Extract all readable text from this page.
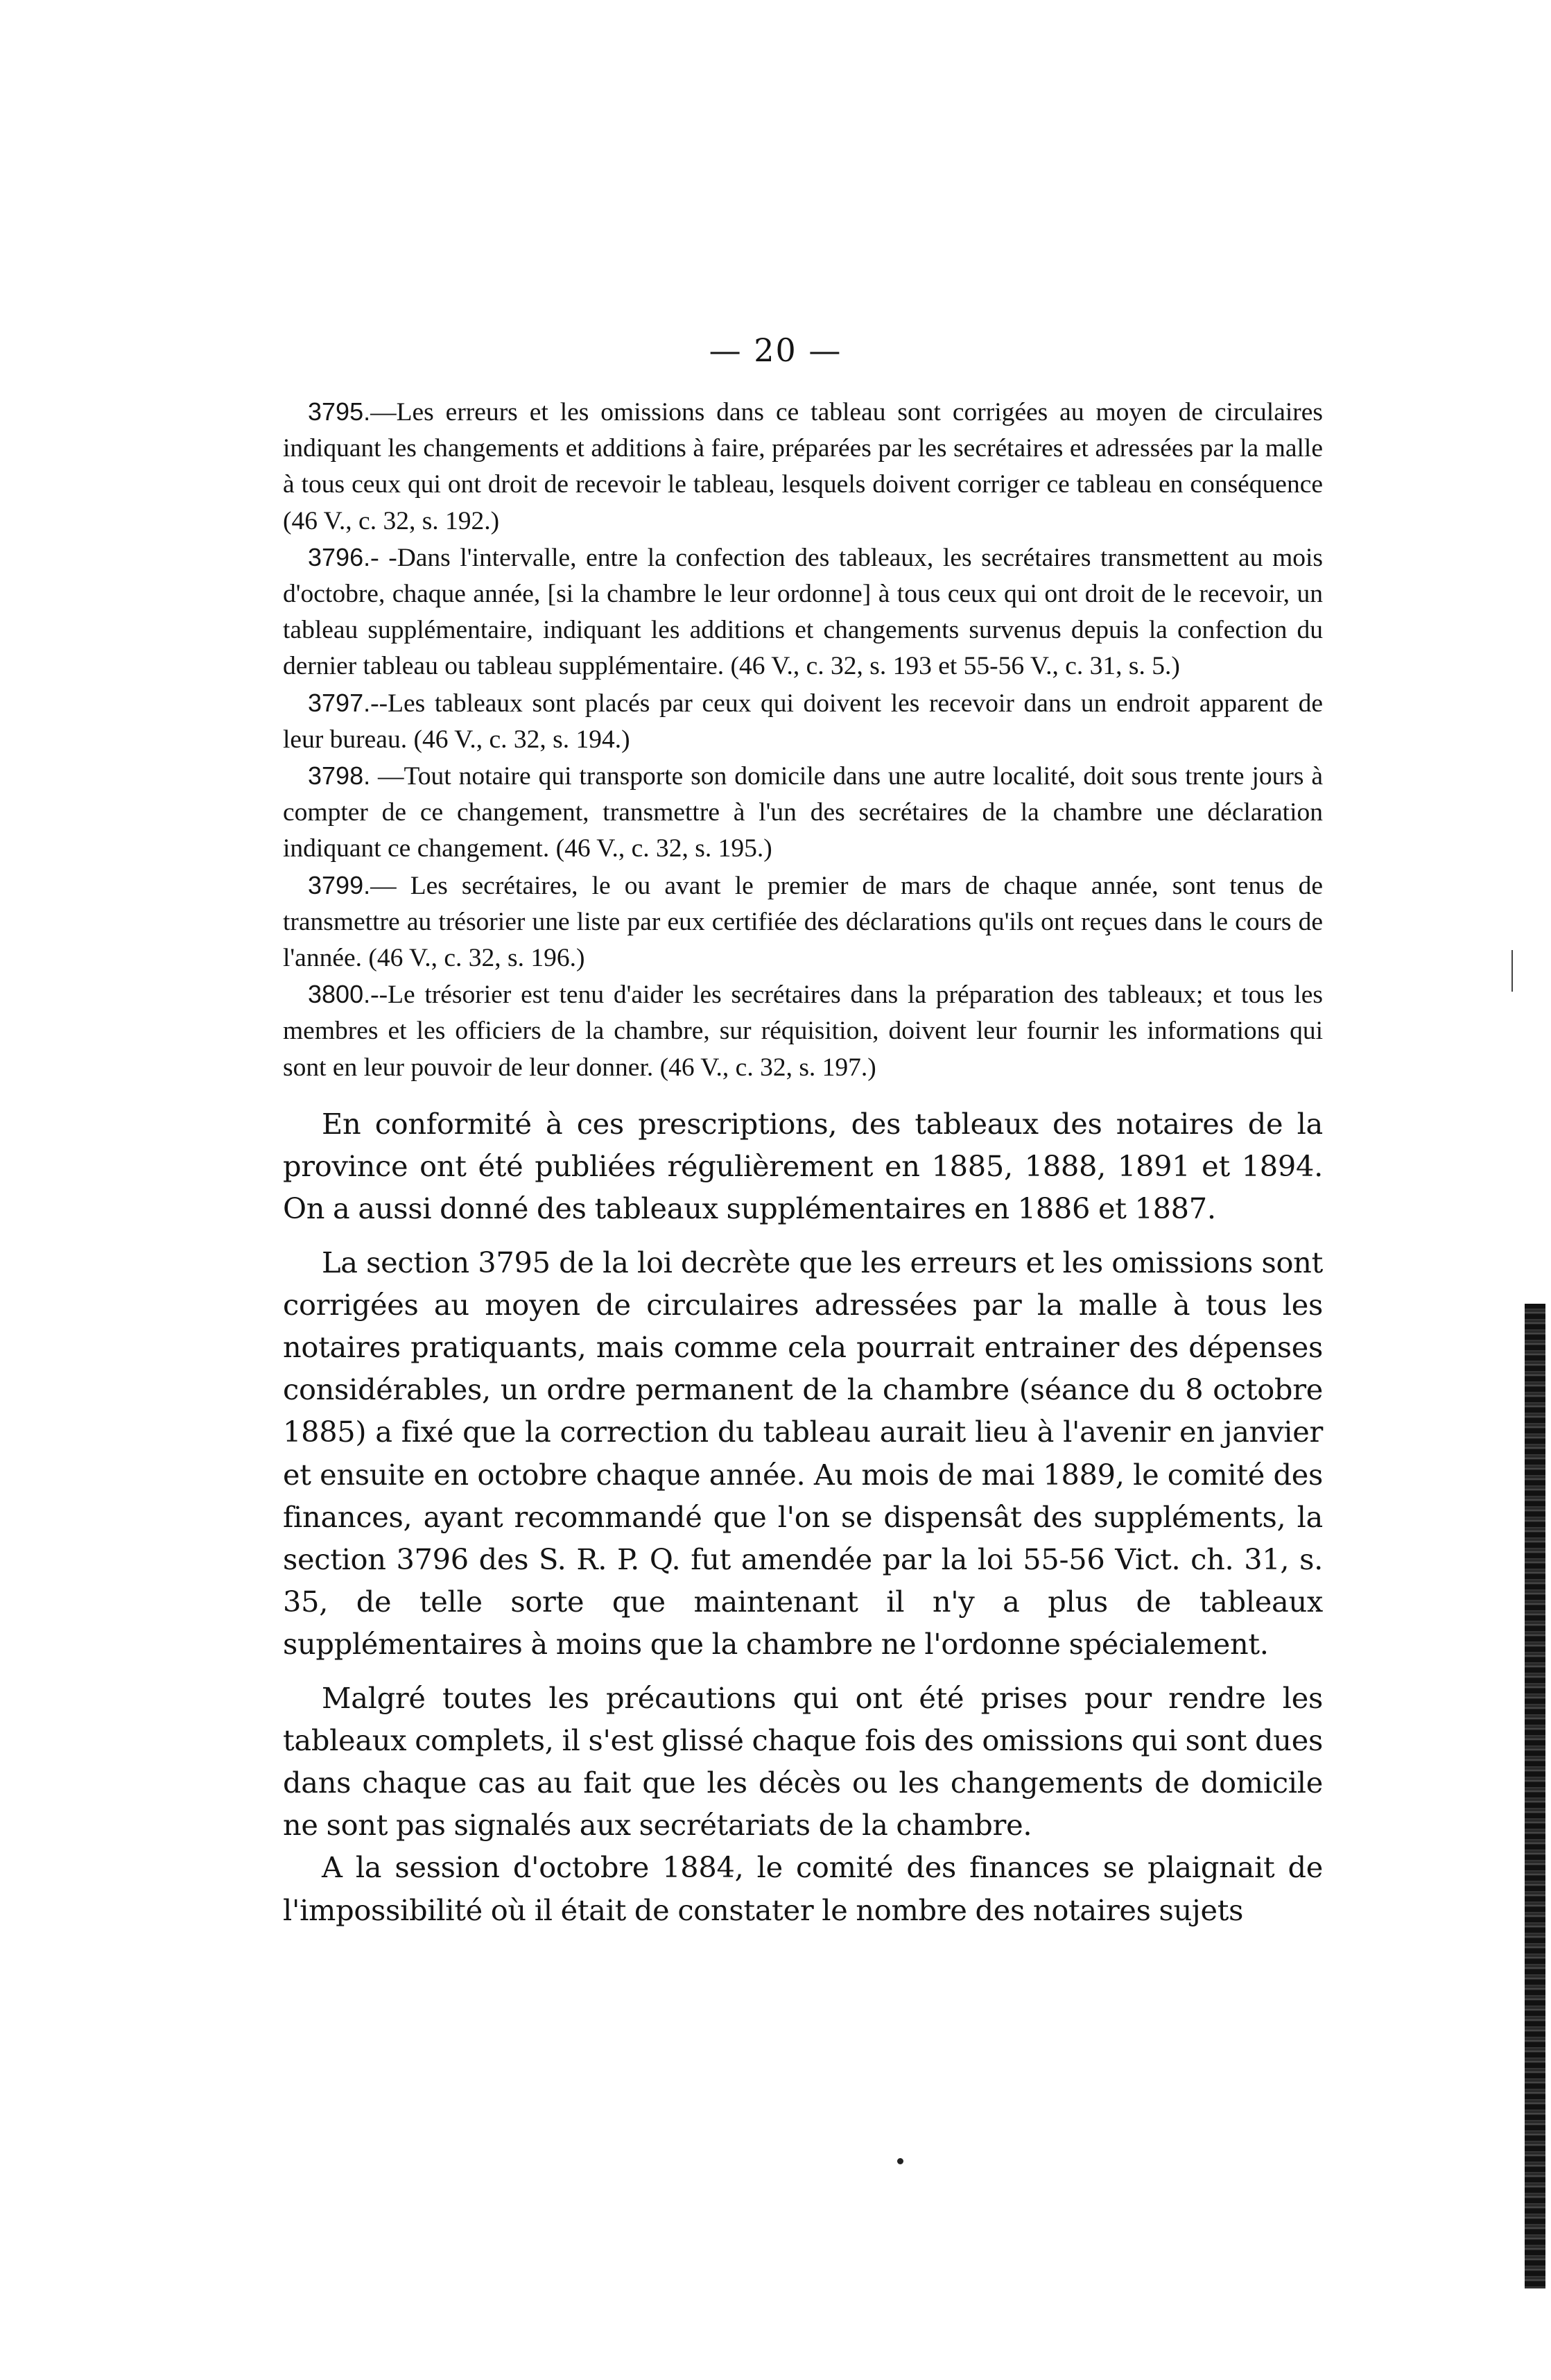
— 20 —

3795.—Les erreurs et les omissions dans ce tableau sont corrigées au moyen de circulaires indiquant les changements et additions à faire, préparées par les secrétaires et adressées par la malle à tous ceux qui ont droit de recevoir le tableau, lesquels doivent corriger ce tableau en conséquence (46 V., c. 32, s. 192.)

3796.- -Dans l'intervalle, entre la confection des tableaux, les secrétaires transmettent au mois d'octobre, chaque année, [si la chambre le leur ordonne] à tous ceux qui ont droit de le recevoir, un tableau supplémentaire, indiquant les additions et changements survenus depuis la confection du dernier tableau ou tableau supplémentaire. (46 V., c. 32, s. 193 et 55-56 V., c. 31, s. 5.)

3797.--Les tableaux sont placés par ceux qui doivent les recevoir dans un endroit apparent de leur bureau. (46 V., c. 32, s. 194.)

3798. —Tout notaire qui transporte son domicile dans une autre localité, doit sous trente jours à compter de ce changement, transmettre à l'un des secrétaires de la chambre une déclaration indiquant ce changement. (46 V., c. 32, s. 195.)

3799.— Les secrétaires, le ou avant le premier de mars de chaque année, sont tenus de transmettre au trésorier une liste par eux certifiée des déclarations qu'ils ont reçues dans le cours de l'année. (46 V., c. 32, s. 196.)

3800.--Le trésorier est tenu d'aider les secrétaires dans la préparation des tableaux; et tous les membres et les officiers de la chambre, sur réquisition, doivent leur fournir les informations qui sont en leur pouvoir de leur donner. (46 V., c. 32, s. 197.)

En conformité à ces prescriptions, des tableaux des notaires de la province ont été publiées régulièrement en 1885, 1888, 1891 et 1894. On a aussi donné des tableaux supplémentaires en 1886 et 1887.

La section 3795 de la loi decrète que les erreurs et les omissions sont corrigées au moyen de circulaires adressées par la malle à tous les notaires pratiquants, mais comme cela pourrait entrainer des dépenses considérables, un ordre permanent de la chambre (séance du 8 octobre 1885) a fixé que la correction du tableau aurait lieu à l'avenir en janvier et ensuite en octobre chaque année. Au mois de mai 1889, le comité des finances, ayant recommandé que l'on se dispensât des suppléments, la section 3796 des S. R. P. Q. fut amendée par la loi 55-56 Vict. ch. 31, s. 35, de telle sorte que maintenant il n'y a plus de tableaux supplémentaires à moins que la chambre ne l'ordonne spécialement.

Malgré toutes les précautions qui ont été prises pour rendre les tableaux complets, il s'est glissé chaque fois des omissions qui sont dues dans chaque cas au fait que les décès ou les changements de domicile ne sont pas signalés aux secrétariats de la chambre.

A la session d'octobre 1884, le comité des finances se plaignait de l'impossibilité où il était de constater le nombre des notaires sujets
